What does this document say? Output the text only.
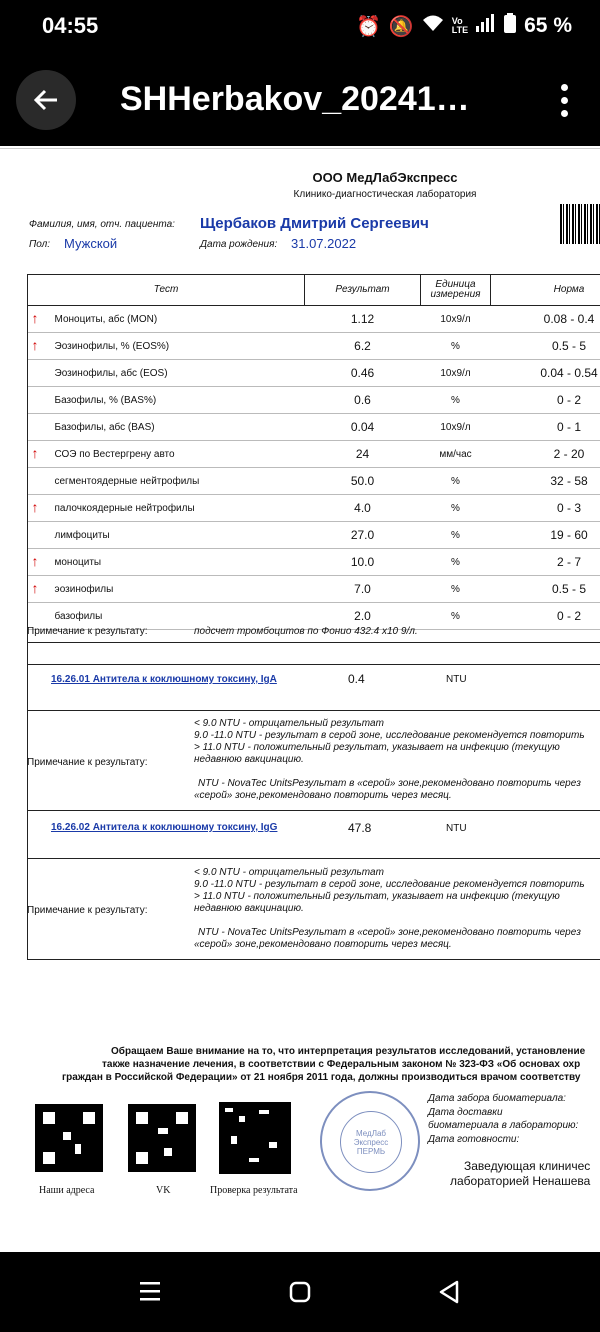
04:55	⏰ 🔕	Vo
LTE	65 %
SHHerbakov_20241…
ООО МедЛабЭкспресс
Клинико-диагностическая лаборатория
Фамилия, имя, отч. пациента: Щербаков Дмитрий Сергеевич
Пол: Мужской	Дата рождения: 31.07.2022
Тест	Результат	Единица измерения	Норма

↑ Моноциты, абс (MON)	1.12	10x9/л	0.08 - 0.4

↑ Эозинофилы, % (EOS%)	6.2	%	0.5 - 5
Эозинофилы, абс (EOS)	0.46	10x9/л	0.04 - 0.54
Базофилы, % (BAS%)	0.6	%	0 - 2
Базофилы, абс (BAS)	0.04	10x9/л	0 - 1

↑ СОЭ по Вестергрену авто	24	мм/час	2 - 20
сегментоядерные нейтрофилы	50.0	%	32 - 58

↑ палочкоядерные нейтрофилы	4.0	%	0 - 3
лимфоциты	27.0	%	19 - 60

↑ моноциты	10.0	%	2 - 7

↑ эозинофилы	7.0	%	0.5 - 5
базофилы	2.0	%	0 - 2
Примечание к результату:	подсчет тромбоцитов по Фонио 432.4 x10 9/л.
16.26.01 Антитела к коклюшному токсину, IgA	0.4	NTU
< 9.0 NTU - отрицательный результат
9.0 -11.0 NTU - результат в серой зоне, исследование рекомендуется повторить
> 11.0 NTU - положительный результат, указывает на инфекцию (текущую
недавнюю вакцинацию.
NTU - NovaTec UnitsРезультат в «серой» зоне,рекомендовано повторить через
«серой» зоне,рекомендовано повторить через месяц.
Примечание к результату:
16.26.02 Антитела к коклюшному токсину, IgG	47.8	NTU
< 9.0 NTU - отрицательный результат
9.0 -11.0 NTU - результат в серой зоне, исследование рекомендуется повторить
> 11.0 NTU - положительный результат, указывает на инфекцию (текущую
недавнюю вакцинацию.
NTU - NovaTec UnitsРезультат в «серой» зоне,рекомендовано повторить через
«серой» зоне,рекомендовано повторить через месяц.
Примечание к результату:
Обращаем Ваше внимание на то, что интерпретация результатов исследований, установление
также назначение лечения, в соответствии с Федеральным законом № 323-ФЗ «Об основах охр
граждан в Российской Федерации» от 21 ноября 2011 года, должны производиться врачом соответству
Наши адреса	VK	Проверка результата
МедЛаб
Экспресс
ПЕРМЬ
Дата забора биоматериала:
Дата доставки
биоматериала в лабораторию:
Дата готовности:
Заведующая клиничес
лабораторией Ненашева
